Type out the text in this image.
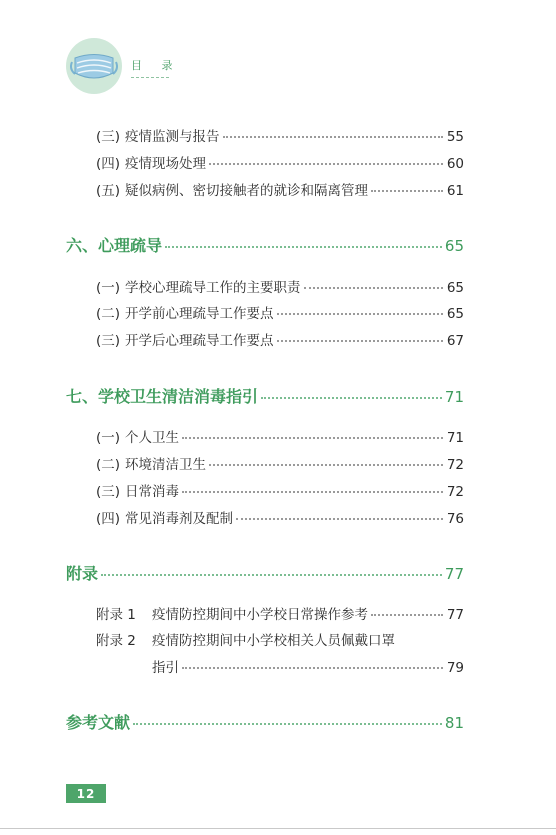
目 录
(三) 疫情监测与报告	55
(四) 疫情现场处理	60
(五) 疑似病例、密切接触者的就诊和隔离管理	61
六、心理疏导	65
(一) 学校心理疏导工作的主要职责	65
(二) 开学前心理疏导工作要点	65
(三) 开学后心理疏导工作要点	67
七、学校卫生清洁消毒指引	71
(一) 个人卫生	71
(二) 环境清洁卫生	72
(三) 日常消毒	72
(四) 常见消毒剂及配制	76
附录	77
附录 1	疫情防控期间中小学校日常操作参考	77
附录 2 疫情防控期间中小学校相关人员佩戴口罩
指引	79
参考文献	81
12
